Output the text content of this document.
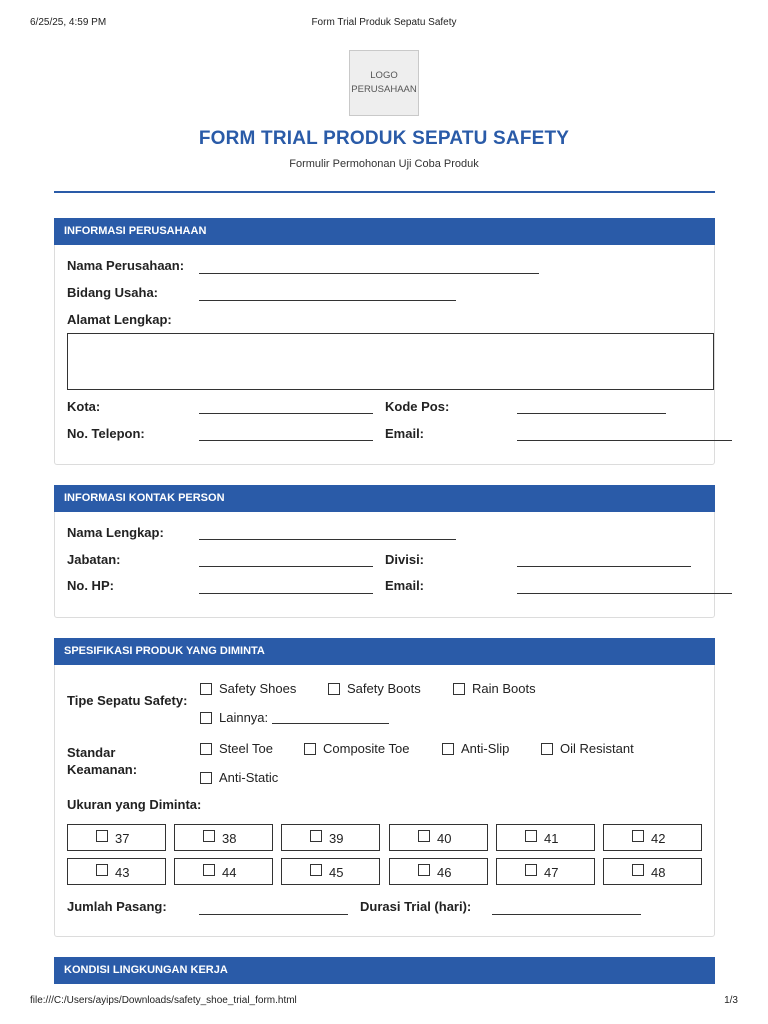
6/25/25, 4:59 PM	Form Trial Produk Sepatu Safety
LOGO
PERUSAHAAN
FORM TRIAL PRODUK SEPATU SAFETY
Formulir Permohonan Uji Coba Produk
INFORMASI PERUSAHAAN
Nama Perusahaan:
Bidang Usaha:
Alamat Lengkap:
Kota:	Kode Pos:
No. Telepon:	Email:
INFORMASI KONTAK PERSON
Nama Lengkap:
Jabatan:	Divisi:
No. HP:	Email:
SPESIFIKASI PRODUK YANG DIMINTA
Tipe Sepatu Safety:
Safety Shoes	Safety Boots	Rain Boots
Lainnya:
Standar
Keamanan:
Steel Toe	Composite Toe	Anti-Slip	Oil Resistant
Anti-Static
Ukuran yang Diminta:
37	38	39	40	41	42
43	44	45	46	47	48
Jumlah Pasang:	Durasi Trial (hari):
KONDISI LINGKUNGAN KERJA
file:///C:/Users/ayips/Downloads/safety_shoe_trial_form.html	1/3
